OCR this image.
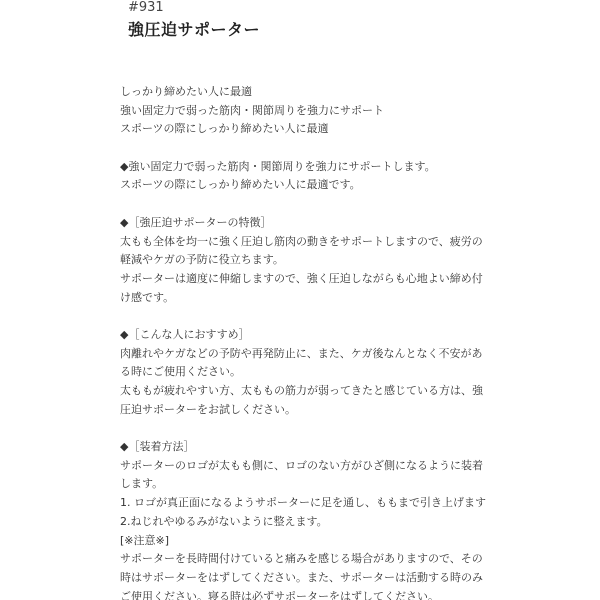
#931
強圧迫サポーター
しっかり締めたい人に最適
強い固定力で弱った筋肉・関節周りを強力にサポート
スポーツの際にしっかり締めたい人に最適
◆強い固定力で弱った筋肉・関節周りを強力にサポートします。
スポーツの際にしっかり締めたい人に最適です。
◆［強圧迫サポーターの特徴］
太もも全体を均一に強く圧迫し筋肉の動きをサポートしますので、疲労の
軽減やケガの予防に役立ちます。
サポーターは適度に伸縮しますので、強く圧迫しながらも心地よい締め付
け感です。
◆［こんな人におすすめ］
肉離れやケガなどの予防や再発防止に、また、ケガ後なんとなく不安があ
る時にご使用ください。
太ももが疲れやすい方、太ももの筋力が弱ってきたと感じている方は、強
圧迫サポーターをお試しください。
◆［装着方法］
サポーターのロゴが太もも側に、ロゴのない方がひざ側になるように装着
します。
1. ロゴが真正面になるようサポーターに足を通し、ももまで引き上げます
2.ねじれやゆるみがないように整えます。
[※注意※]
サポーターを長時間付けていると痛みを感じる場合がありますので、その
時はサポーターをはずしてください。また、サポーターは活動する時のみ
ご使用ください。寝る時は必ずサポーターをはずしてください。
